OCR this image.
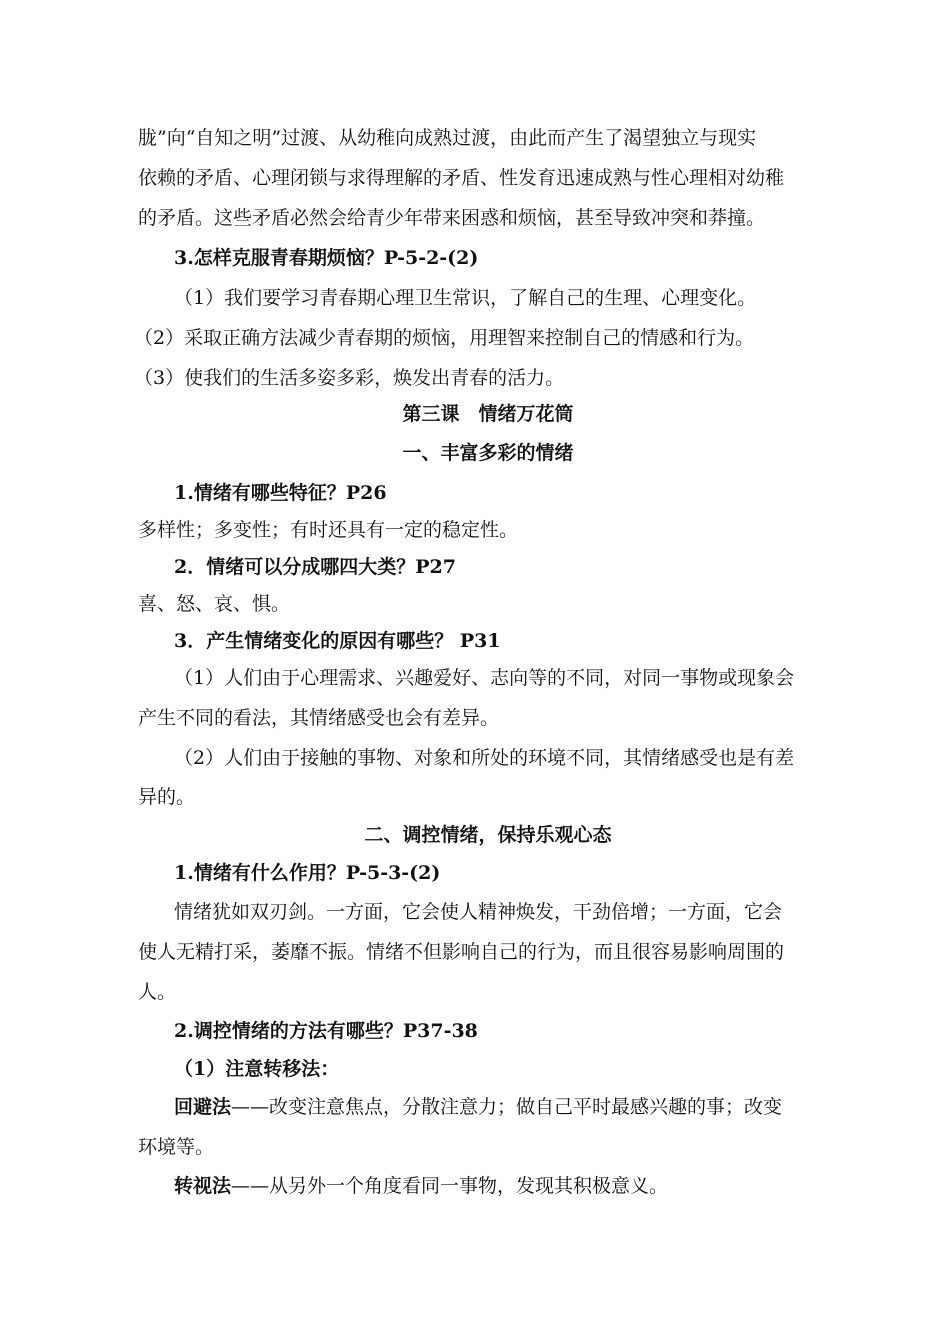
胧”向“自知之明”过渡、从幼稚向成熟过渡，由此而产生了渴望独立与现实
依赖的矛盾、心理闭锁与求得理解的矛盾、性发育迅速成熟与性心理相对幼稚
的矛盾。这些矛盾必然会给青少年带来困惑和烦恼，甚至导致冲突和莽撞。
3.怎样克服青春期烦恼？P-5-2-(2)
（1）我们要学习青春期心理卫生常识，了解自己的生理、心理变化。
（2）采取正确方法减少青春期的烦恼，用理智来控制自己的情感和行为。
（3）使我们的生活多姿多彩，焕发出青春的活力。
第三课　情绪万花筒
一、丰富多彩的情绪
1.情绪有哪些特征？P26
多样性；多变性；有时还具有一定的稳定性。
2．情绪可以分成哪四大类？P27
喜、怒、哀、惧。
3．产生情绪变化的原因有哪些？ P31
（1）人们由于心理需求、兴趣爱好、志向等的不同，对同一事物或现象会
产生不同的看法，其情绪感受也会有差异。
（2）人们由于接触的事物、对象和所处的环境不同，其情绪感受也是有差
异的。
二、调控情绪，保持乐观心态
1.情绪有什么作用？P-5-3-(2)
情绪犹如双刃剑。一方面，它会使人精神焕发，干劲倍增；一方面，它会
使人无精打采，萎靡不振。情绪不但影响自己的行为，而且很容易影响周围的
人。
2.调控情绪的方法有哪些？P37-38
（1）注意转移法：
回避法——改变注意焦点，分散注意力；做自己平时最感兴趣的事；改变
环境等。
转视法——从另外一个角度看同一事物，发现其积极意义。
